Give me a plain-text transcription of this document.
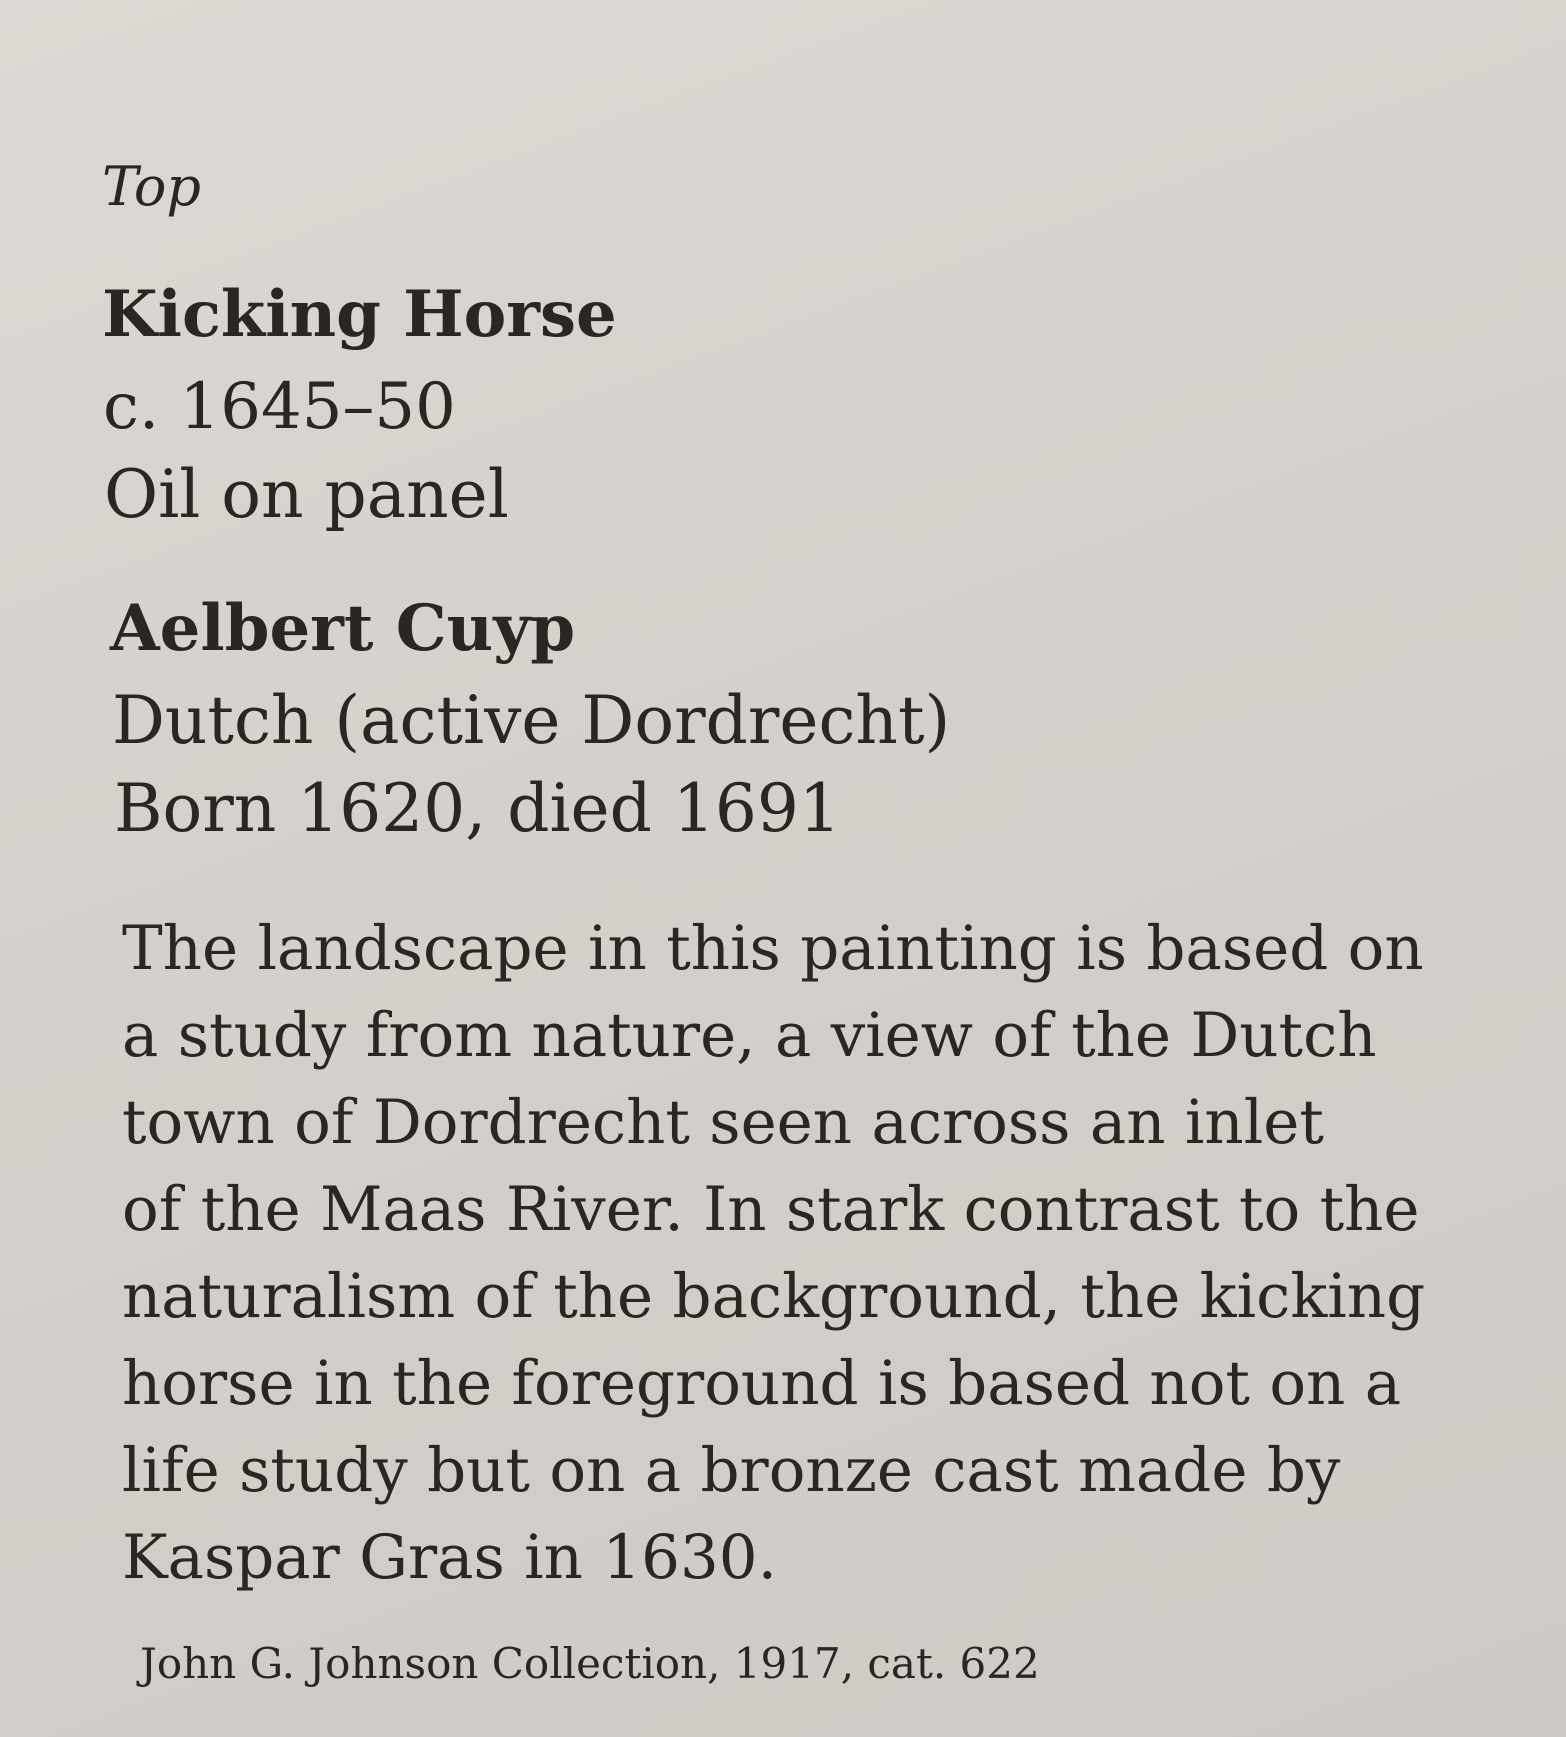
Top
Kicking Horse
c. 1645–50
Oil on panel
Aelbert Cuyp
Dutch (active Dordrecht)
Born 1620, died 1691
The landscape in this painting is based on
a study from nature, a view of the Dutch
town of Dordrecht seen across an inlet
of the Maas River. In stark contrast to the
naturalism of the background, the kicking
horse in the foreground is based not on a
life study but on a bronze cast made by
Kaspar Gras in 1630.
John G. Johnson Collection, 1917, cat. 622
